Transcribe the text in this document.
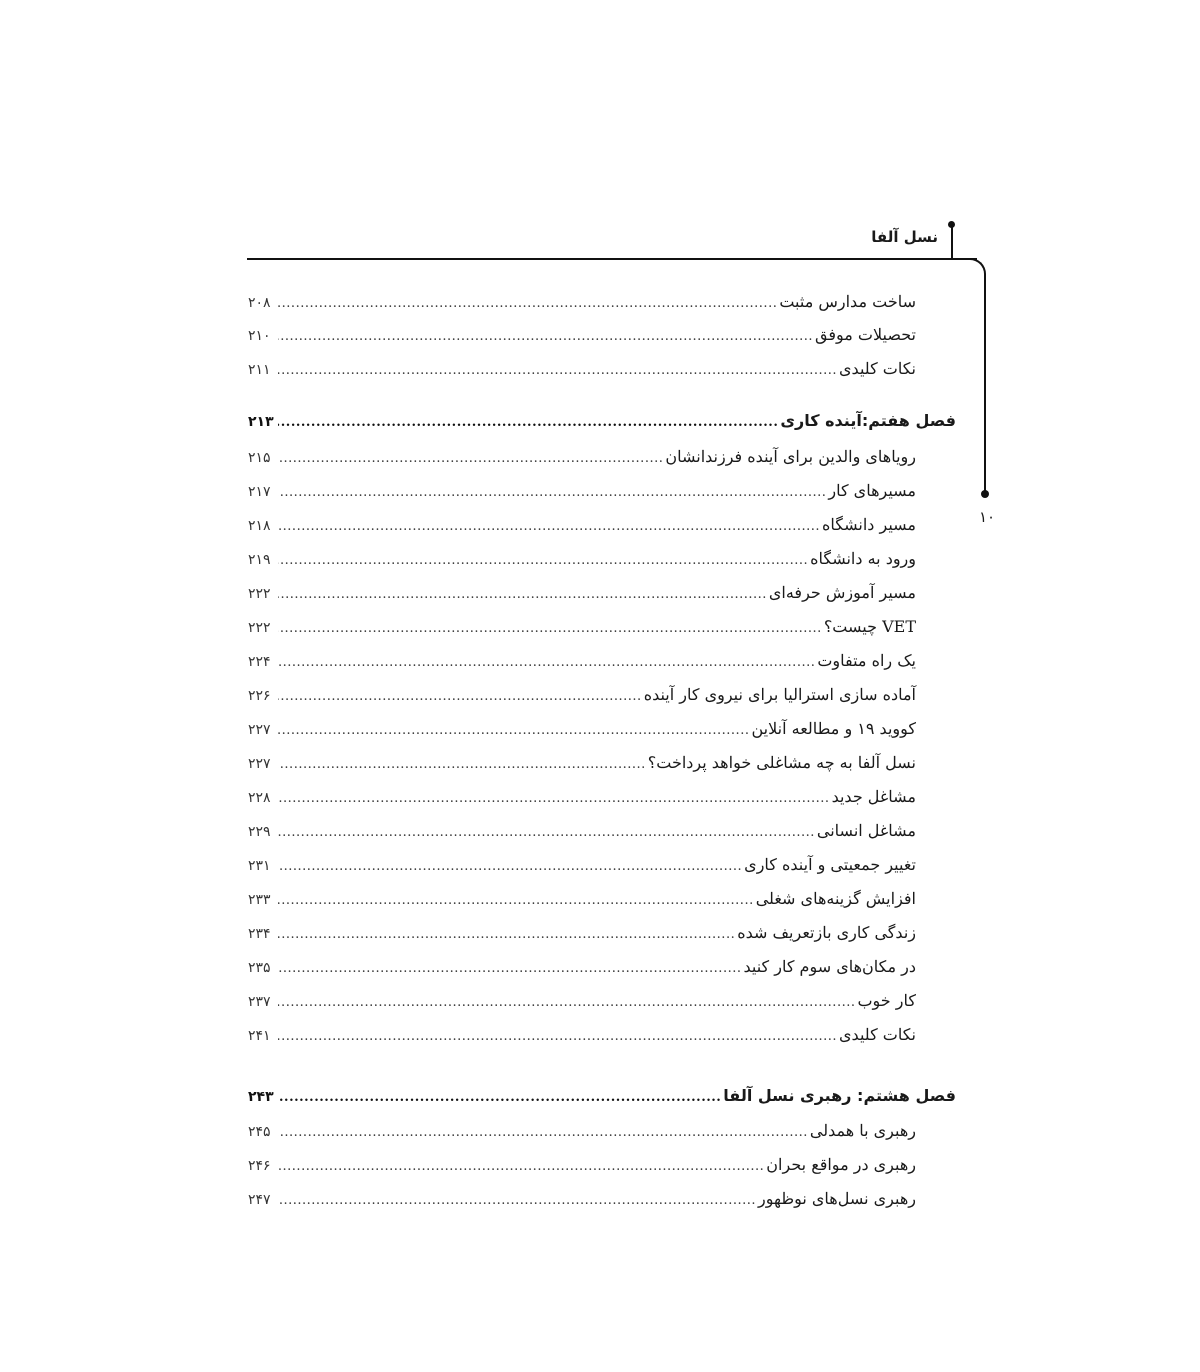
نسل آلفا
۱۰
ساخت مدارس مثبت
.....
۲۰۸
تحصیلات موفق
.....
۲۱۰
نکات کلیدی
.....
۲۱۱
فصل هفتم:آینده کاری
.....
۲۱۳
رویاهای والدین برای آینده فرزندانشان
.....
۲۱۵
مسیرهای کار
.....
۲۱۷
مسیر دانشگاه
.....
۲۱۸
ورود به دانشگاه
.....
۲۱۹
مسیر آموزش حرفه‌ای
.....
۲۲۲
VET چیست؟
.....
۲۲۲
یک راه متفاوت
.....
۲۲۴
آماده سازی استرالیا برای نیروی کار آینده
.....
۲۲۶
کووید ۱۹ و مطالعه آنلاین
.....
۲۲۷
نسل آلفا به چه مشاغلی خواهد پرداخت؟
.....
۲۲۷
مشاغل جدید
.....
۲۲۸
مشاغل انسانی
.....
۲۲۹
تغییر جمعیتی و آینده کاری
.....
۲۳۱
افزایش گزینه‌های شغلی
.....
۲۳۳
زندگی کاری بازتعریف شده
.....
۲۳۴
در مکان‌های سوم کار کنید
.....
۲۳۵
کار خوب
.....
۲۳۷
نکات کلیدی
.....
۲۴۱
فصل هشتم: رهبری نسل آلفا
.....
۲۴۳
رهبری با همدلی
.....
۲۴۵
رهبری در مواقع بحران
.....
۲۴۶
رهبری نسل‌های نوظهور
.....
۲۴۷
